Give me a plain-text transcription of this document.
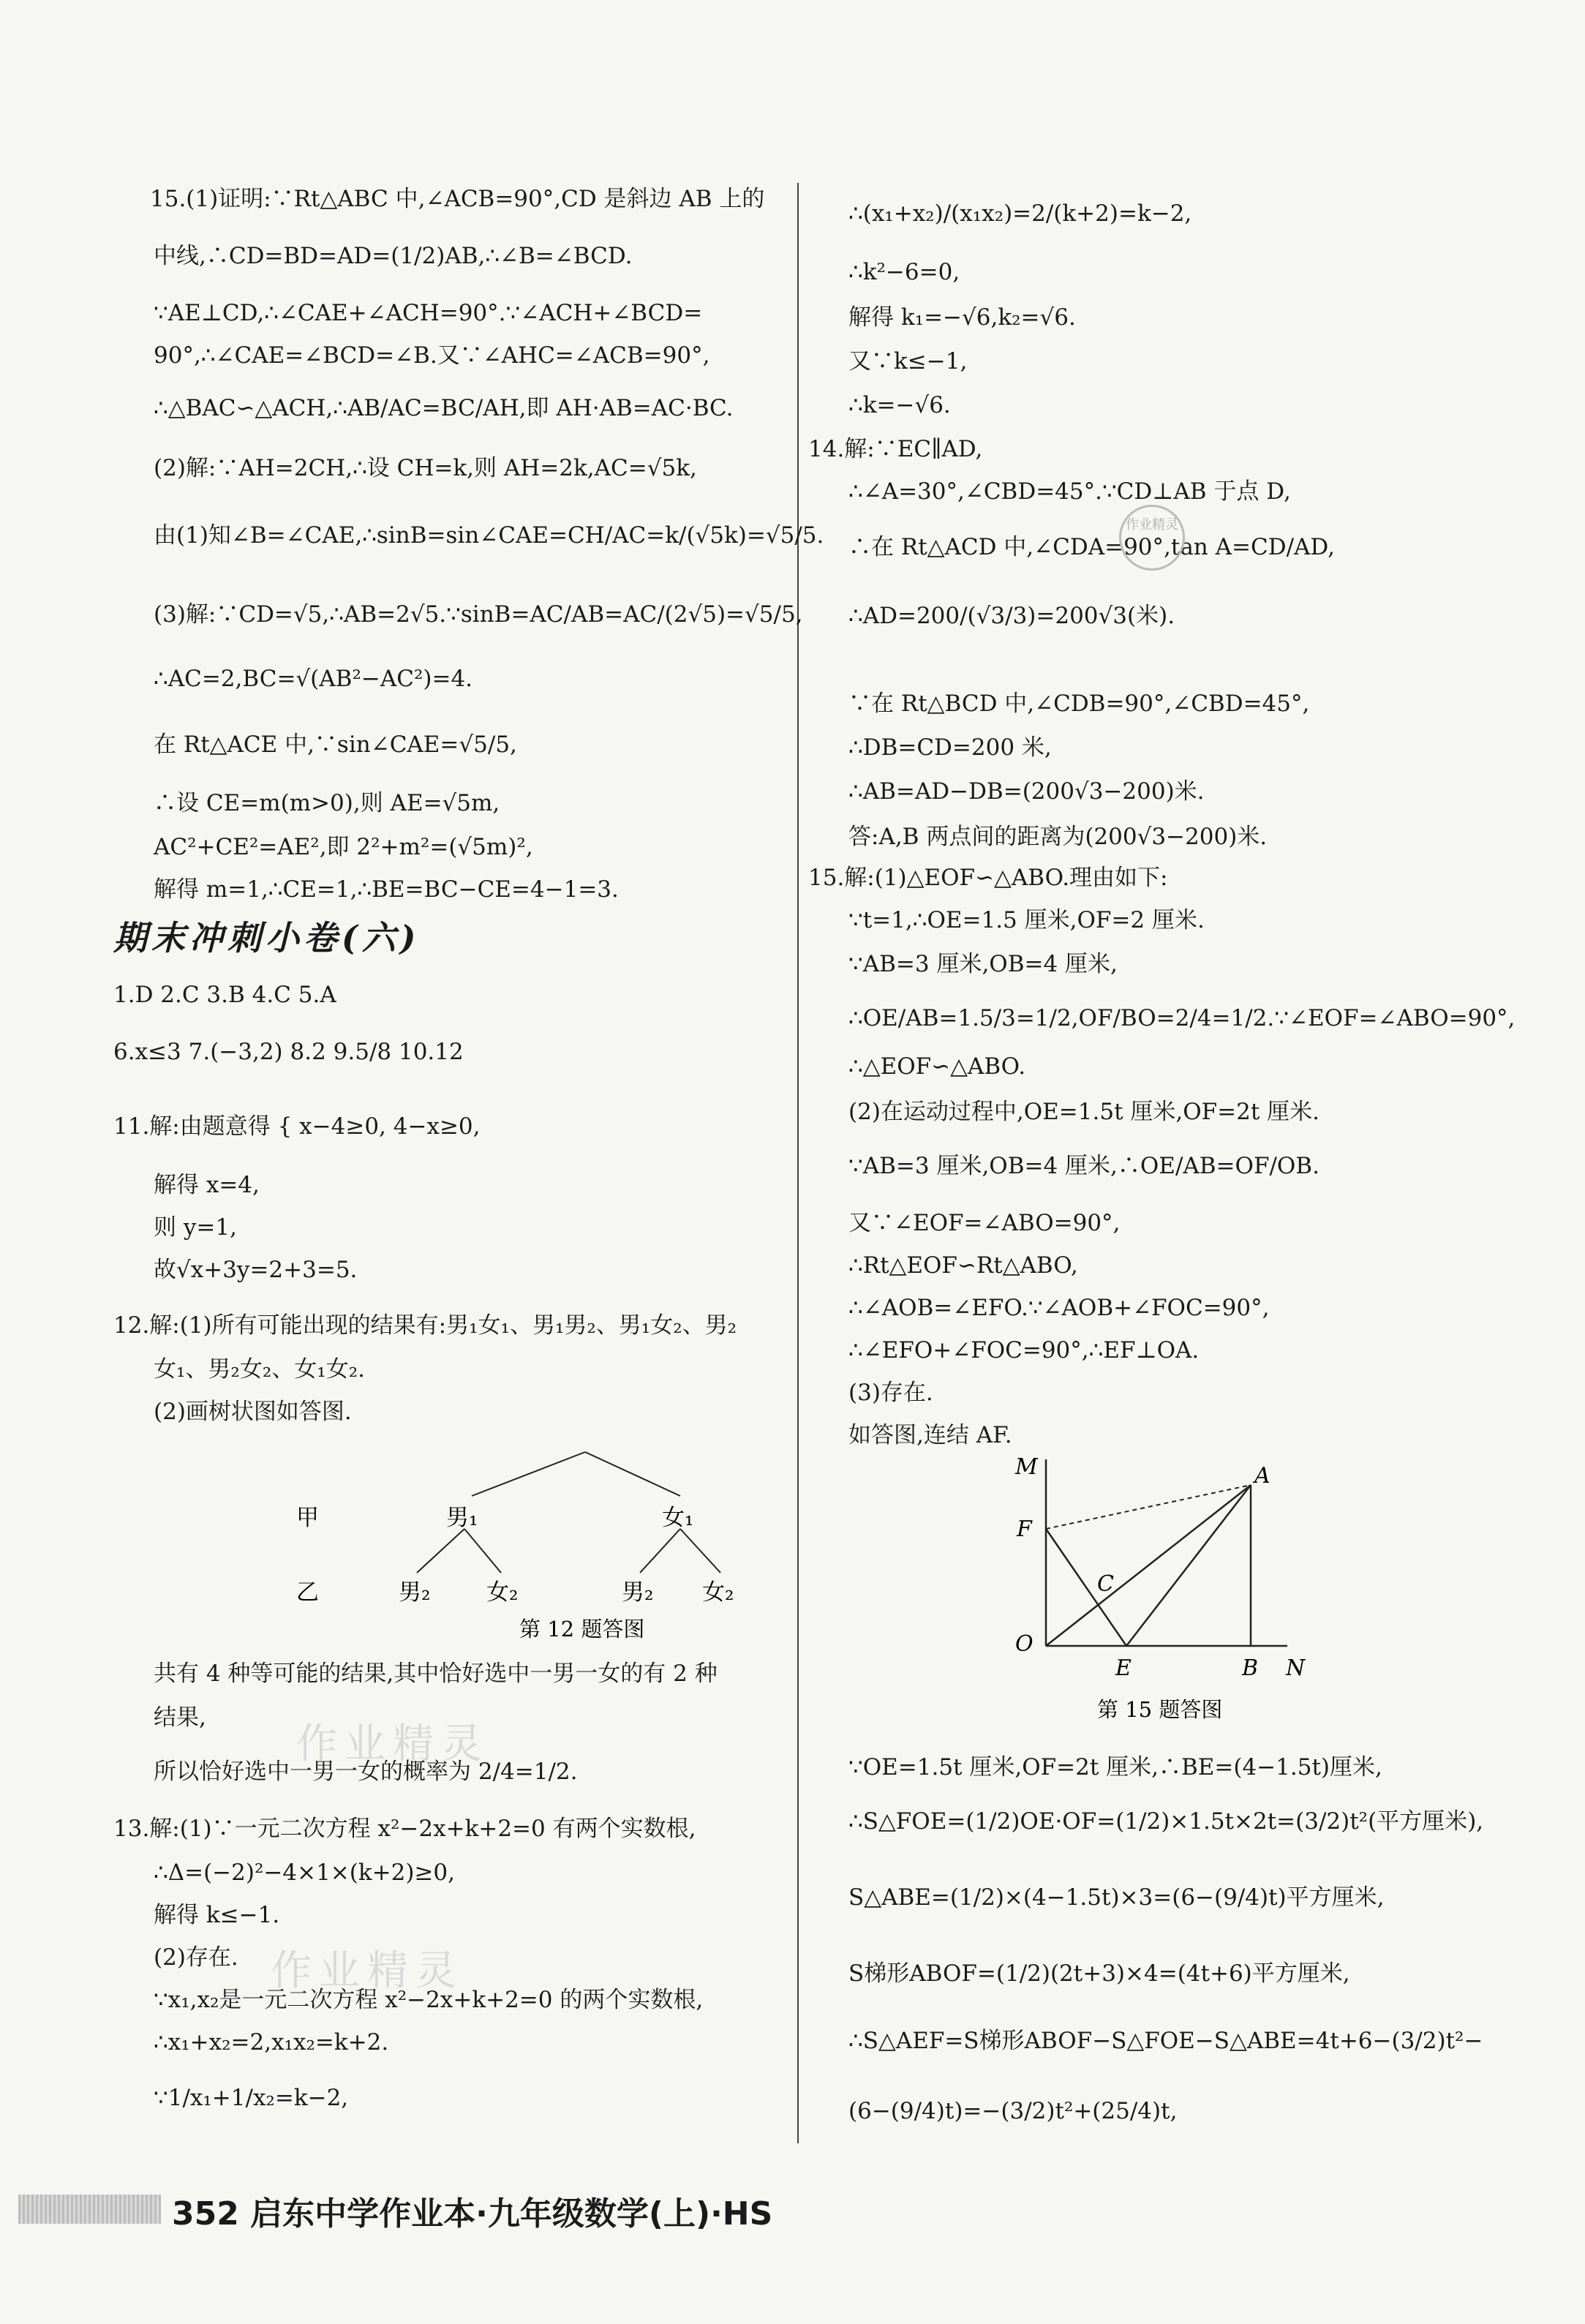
15.(1)证明:∵Rt△ABC 中,∠ACB=90°,CD 是斜边 AB 上的
中线,∴CD=BD=AD=(1/2)AB,∴∠B=∠BCD.
∵AE⊥CD,∴∠CAE+∠ACH=90°.∵∠ACH+∠BCD=
90°,∴∠CAE=∠BCD=∠B.又∵∠AHC=∠ACB=90°,
∴△BAC∽△ACH,∴AB/AC=BC/AH,即 AH·AB=AC·BC.
(2)解:∵AH=2CH,∴设 CH=k,则 AH=2k,AC=√5k,
由(1)知∠B=∠CAE,∴sinB=sin∠CAE=CH/AC=k/(√5k)=√5/5.
(3)解:∵CD=√5,∴AB=2√5.∵sinB=AC/AB=AC/(2√5)=√5/5,
∴AC=2,BC=√(AB²−AC²)=4.
在 Rt△ACE 中,∵sin∠CAE=√5/5,
∴设 CE=m(m>0),则 AE=√5m,
AC²+CE²=AE²,即 2²+m²=(√5m)²,
解得 m=1,∴CE=1,∴BE=BC−CE=4−1=3.
期末冲刺小卷(六)
1.D 2.C 3.B 4.C 5.A
6.x≤3 7.(−3,2) 8.2 9.5/8 10.12
11.解:由题意得 { x−4≥0, 4−x≥0,
解得 x=4,
则 y=1,
故√x+3y=2+3=5.
12.解:(1)所有可能出现的结果有:男₁女₁、男₁男₂、男₁女₂、男₂
女₁、男₂女₂、女₁女₂.
(2)画树状图如答图.
甲
乙
男₁	女₁
男₂ 女₂	男₂ 女₂
第 12 题答图
共有 4 种等可能的结果,其中恰好选中一男一女的有 2 种
结果,
所以恰好选中一男一女的概率为 2/4=1/2.
13.解:(1)∵一元二次方程 x²−2x+k+2=0 有两个实数根,
∴Δ=(−2)²−4×1×(k+2)≥0,
解得 k≤−1.
(2)存在.
∵x₁,x₂是一元二次方程 x²−2x+k+2=0 的两个实数根,
∴x₁+x₂=2,x₁x₂=k+2.
∵1/x₁+1/x₂=k−2,
∴(x₁+x₂)/(x₁x₂)=2/(k+2)=k−2,
∴k²−6=0,
解得 k₁=−√6,k₂=√6.
又∵k≤−1,
∴k=−√6.
14.解:∵EC∥AD,
∴∠A=30°,∠CBD=45°.∵CD⊥AB 于点 D,
∴在 Rt△ACD 中,∠CDA=90°,tan A=CD/AD,
∴AD=200/(√3/3)=200√3(米).
∵在 Rt△BCD 中,∠CDB=90°,∠CBD=45°,
∴DB=CD=200 米,
∴AB=AD−DB=(200√3−200)米.
答:A,B 两点间的距离为(200√3−200)米.
15.解:(1)△EOF∽△ABO.理由如下:
∵t=1,∴OE=1.5 厘米,OF=2 厘米.
∵AB=3 厘米,OB=4 厘米,
∴OE/AB=1.5/3=1/2,OF/BO=2/4=1/2.∵∠EOF=∠ABO=90°,
∴△EOF∽△ABO.
(2)在运动过程中,OE=1.5t 厘米,OF=2t 厘米.
∵AB=3 厘米,OB=4 厘米,∴OE/AB=OF/OB.
又∵∠EOF=∠ABO=90°,
∴Rt△EOF∽Rt△ABO,
∴∠AOB=∠EFO.∵∠AOB+∠FOC=90°,
∴∠EFO+∠FOC=90°,∴EF⊥OA.
(3)存在.
如答图,连结 AF.
M	A
F
C
O
E	B N
第 15 题答图
∵OE=1.5t 厘米,OF=2t 厘米,∴BE=(4−1.5t)厘米,
∴S△FOE=(1/2)OE·OF=(1/2)×1.5t×2t=(3/2)t²(平方厘米),
S△ABE=(1/2)×(4−1.5t)×3=(6−(9/4)t)平方厘米,
S梯形ABOF=(1/2)(2t+3)×4=(4t+6)平方厘米,
∴S△AEF=S梯形ABOF−S△FOE−S△ABE=4t+6−(3/2)t²−
(6−(9/4)t)=−(3/2)t²+(25/4)t,
作业精灵
作业精灵
作业精灵
352 启东中学作业本·九年级数学(上)·HS
